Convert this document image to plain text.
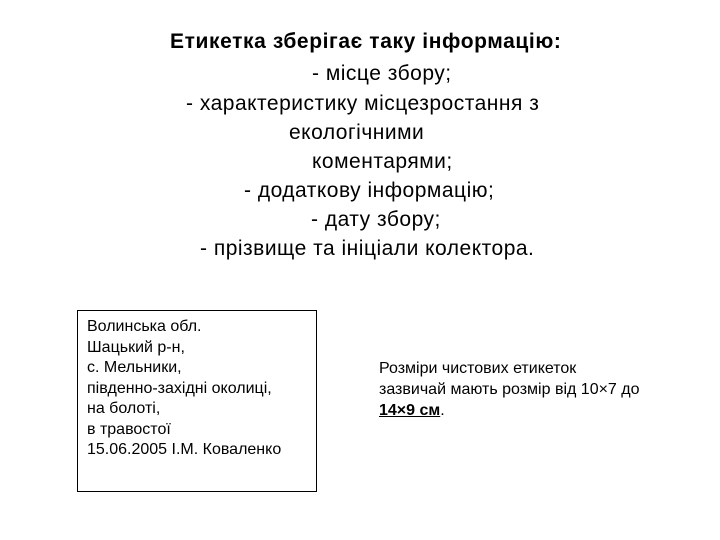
Етикетка зберігає таку інформацію:
- місце збору;
- характеристику місцезростання з
екологічними
коментарями;
- додаткову інформацію;
- дату збору;
- прізвище та ініціали колектора.
Волинська обл.
Шацький р-н,
с. Мельники,
південно-західні околиці,
на болоті,
в травостої
15.06.2005 І.М. Коваленко
Розміри чистових етикеток
зазвичай мають розмір від 10×7 до
14×9 см.
